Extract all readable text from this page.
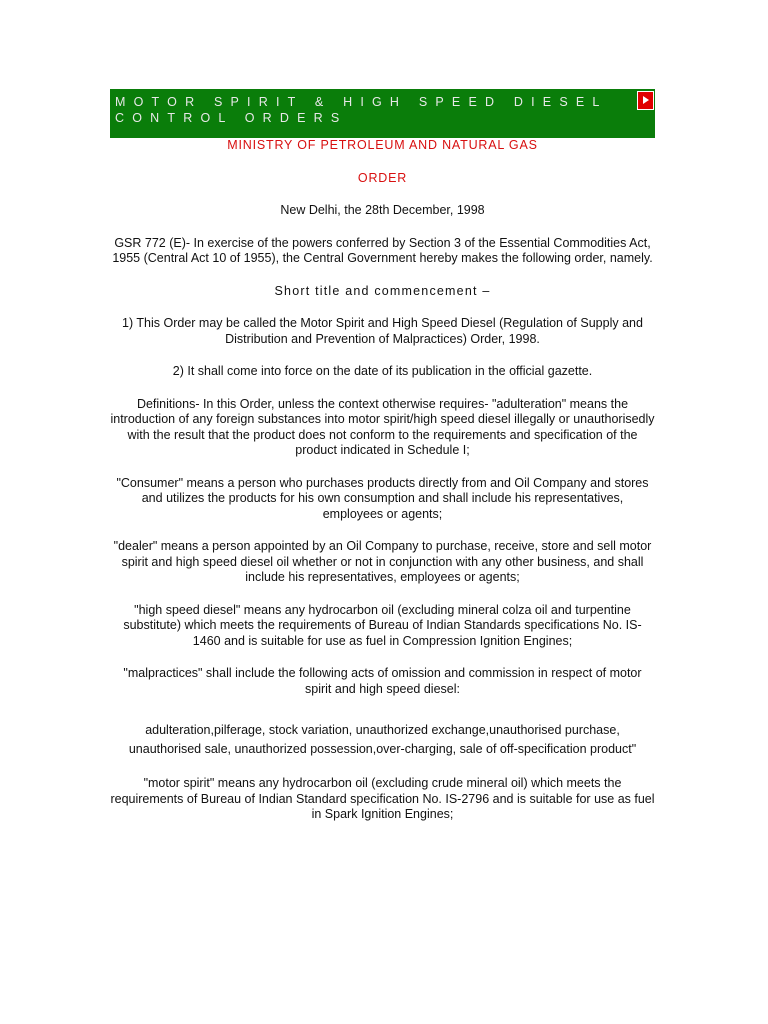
MOTOR SPIRIT & HIGH SPEED DIESEL CONTROL ORDERS

MINISTRY OF PETROLEUM AND NATURAL GAS

ORDER

New Delhi, the 28th December, 1998

GSR 772 (E)- In exercise of the powers conferred by Section 3 of the Essential Commodities Act, 1955 (Central Act 10 of 1955), the Central Government hereby makes the following order, namely.

Short title and commencement –

1) This Order may be called the Motor Spirit and High Speed Diesel (Regulation of Supply and Distribution and Prevention of Malpractices) Order, 1998.

2) It shall come into force on the date of its publication in the official gazette.

Definitions- In this Order, unless the context otherwise requires- "adulteration" means the introduction of any foreign substances into motor spirit/high speed diesel illegally or unauthorisedly with the result that the product does not conform to the requirements and specification of the product indicated in Schedule I;

"Consumer" means a person who purchases products directly from and Oil Company and stores and utilizes the products for his own consumption and shall include his representatives, employees or agents;

"dealer" means a person appointed by an Oil Company to purchase, receive, store and sell motor spirit and high speed diesel oil whether or not in conjunction with any other business, and shall include his representatives, employees or agents;

"high speed diesel" means any hydrocarbon oil (excluding mineral colza oil and turpentine substitute) which meets the requirements of Bureau of Indian Standards specifications No. IS-1460 and is suitable for use as fuel in Compression Ignition Engines;

"malpractices" shall include the following acts of omission and commission in respect of motor spirit and high speed diesel:

adulteration,pilferage, stock variation, unauthorized exchange,unauthorised purchase, unauthorised sale, unauthorized possession,over-charging, sale of off-specification product"

"motor spirit" means any hydrocarbon oil (excluding crude mineral oil) which meets the requirements of Bureau of Indian Standard specification No. IS-2796 and is suitable for use as fuel in Spark Ignition Engines;
